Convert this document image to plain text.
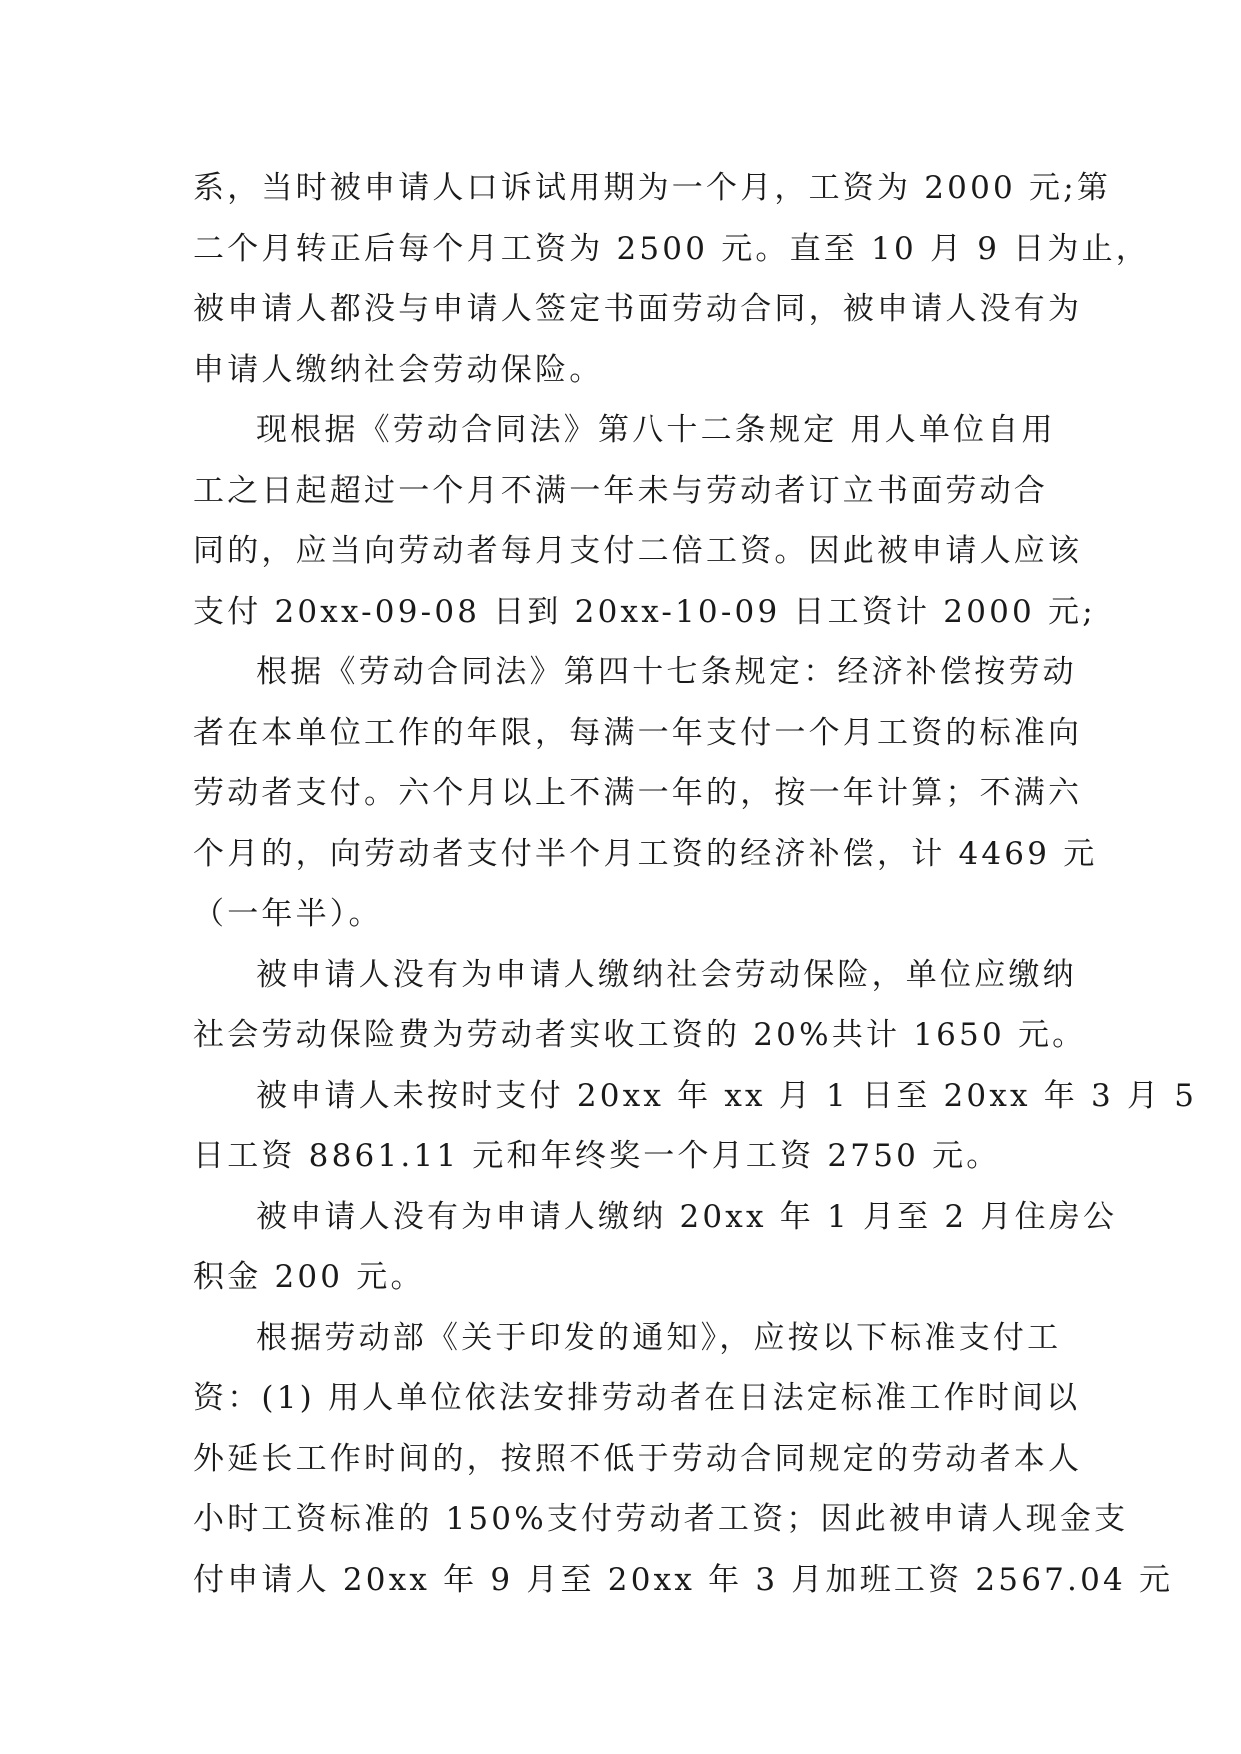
系，当时被申请人口诉试用期为一个月，工资为 2000 元;第
二个月转正后每个月工资为 2500 元。直至 10 月 9 日为止，
被申请人都没与申请人签定书面劳动合同，被申请人没有为
申请人缴纳社会劳动保险。
现根据《劳动合同法》第八十二条规定 用人单位自用
工之日起超过一个月不满一年未与劳动者订立书面劳动合
同的，应当向劳动者每月支付二倍工资。因此被申请人应该
支付 20xx-09-08 日到 20xx-10-09 日工资计 2000 元;
根据《劳动合同法》第四十七条规定：经济补偿按劳动
者在本单位工作的年限，每满一年支付一个月工资的标准向
劳动者支付。六个月以上不满一年的，按一年计算；不满六
个月的，向劳动者支付半个月工资的经济补偿，计 4469 元
（一年半）。
被申请人没有为申请人缴纳社会劳动保险，单位应缴纳
社会劳动保险费为劳动者实收工资的 20%共计 1650 元。
被申请人未按时支付 20xx 年 xx 月 1 日至 20xx 年 3 月 5
日工资 8861.11 元和年终奖一个月工资 2750 元。
被申请人没有为申请人缴纳 20xx 年 1 月至 2 月住房公
积金 200 元。
根据劳动部《关于印发的通知》，应按以下标准支付工
资：(1) 用人单位依法安排劳动者在日法定标准工作时间以
外延长工作时间的，按照不低于劳动合同规定的劳动者本人
小时工资标准的 150%支付劳动者工资；因此被申请人现金支
付申请人 20xx 年 9 月至 20xx 年 3 月加班工资 2567.04 元
